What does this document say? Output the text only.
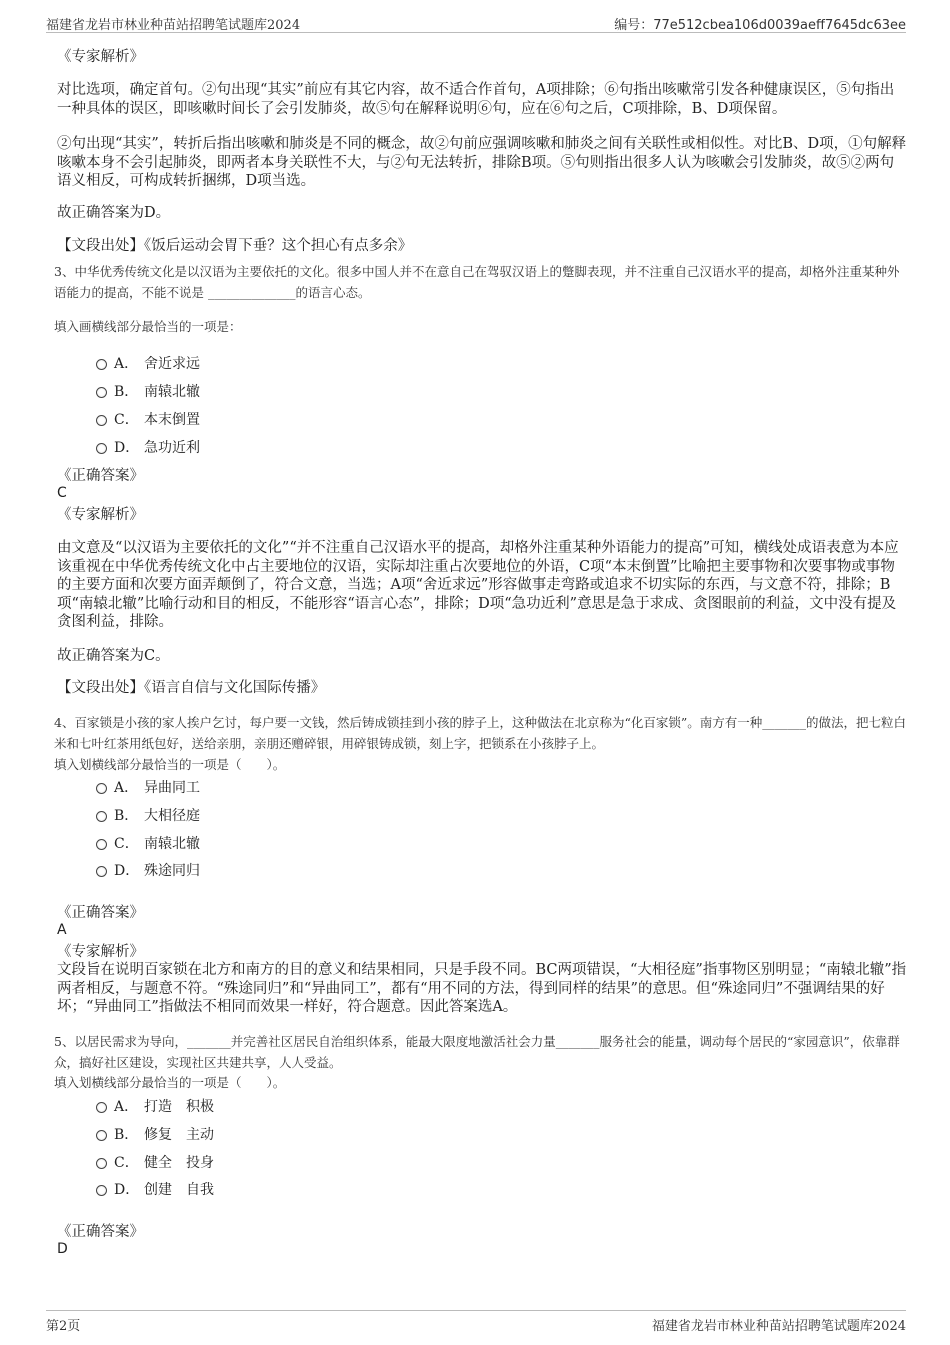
福建省龙岩市林业种苗站招聘笔试题库2024	编号：77e512cbea106d0039aeff7645dc63ee
《专家解析》
对比选项，确定首句。②句出现“其实”前应有其它内容，故不适合作首句，A项排除；⑥句指出咳嗽常引发各种健康误区，⑤句指出一种具体的误区，即咳嗽时间长了会引发肺炎，故⑤句在解释说明⑥句，应在⑥句之后，C项排除，B、D项保留。
②句出现“其实”，转折后指出咳嗽和肺炎是不同的概念，故②句前应强调咳嗽和肺炎之间有关联性或相似性。对比B、D项，①句解释咳嗽本身不会引起肺炎，即两者本身关联性不大，与②句无法转折，排除B项。⑤句则指出很多人认为咳嗽会引发肺炎，故⑤②两句语义相反，可构成转折捆绑，D项当选。
故正确答案为D。
【文段出处】《饭后运动会胃下垂？这个担心有点多余》
3、中华优秀传统文化是以汉语为主要依托的文化。很多中国人并不在意自己在驾驭汉语上的蹩脚表现，并不注重自己汉语水平的提高，却格外注重某种外语能力的提高，不能不说是 ______________的语言心态。
填入画横线部分最恰当的一项是：
A． 舍近求远
B． 南辕北辙
C． 本末倒置
D． 急功近利
《正确答案》
C
《专家解析》
由文意及“以汉语为主要依托的文化”“并不注重自己汉语水平的提高，却格外注重某种外语能力的提高”可知，横线处成语表意为本应该重视在中华优秀传统文化中占主要地位的汉语，实际却注重占次要地位的外语，C项“本末倒置”比喻把主要事物和次要事物或事物的主要方面和次要方面弄颠倒了，符合文意，当选；A项“舍近求远”形容做事走弯路或追求不切实际的东西，与文意不符，排除；B项“南辕北辙”比喻行动和目的相反，不能形容“语言心态”，排除；D项“急功近利”意思是急于求成、贪图眼前的利益，文中没有提及贪图利益，排除。
故正确答案为C。
【文段出处】《语言自信与文化国际传播》
4、百家锁是小孩的家人挨户乞讨，每户要一文钱，然后铸成锁挂到小孩的脖子上，这种做法在北京称为“化百家锁”。南方有一种_______的做法，把七粒白米和七叶红茶用纸包好，送给亲朋，亲朋还赠碎银，用碎银铸成锁，刻上字，把锁系在小孩脖子上。
填入划横线部分最恰当的一项是（　　）。
A． 异曲同工
B． 大相径庭
C． 南辕北辙
D． 殊途同归
《正确答案》
A
《专家解析》
文段旨在说明百家锁在北方和南方的目的意义和结果相同，只是手段不同。BC两项错误，“大相径庭”指事物区别明显；“南辕北辙”指两者相反，与题意不符。“殊途同归”和“异曲同工”，都有“用不同的方法，得到同样的结果”的意思。但“殊途同归”不强调结果的好坏；“异曲同工”指做法不相同而效果一样好，符合题意。因此答案选A。
5、以居民需求为导向，_______并完善社区居民自治组织体系，能最大限度地激活社会力量_______服务社会的能量，调动每个居民的“家园意识”，依靠群众，搞好社区建设，实现社区共建共享，人人受益。
填入划横线部分最恰当的一项是（　　）。
A． 打造　积极
B． 修复　主动
C． 健全　投身
D． 创建　自我
《正确答案》
D
第2页	福建省龙岩市林业种苗站招聘笔试题库2024
